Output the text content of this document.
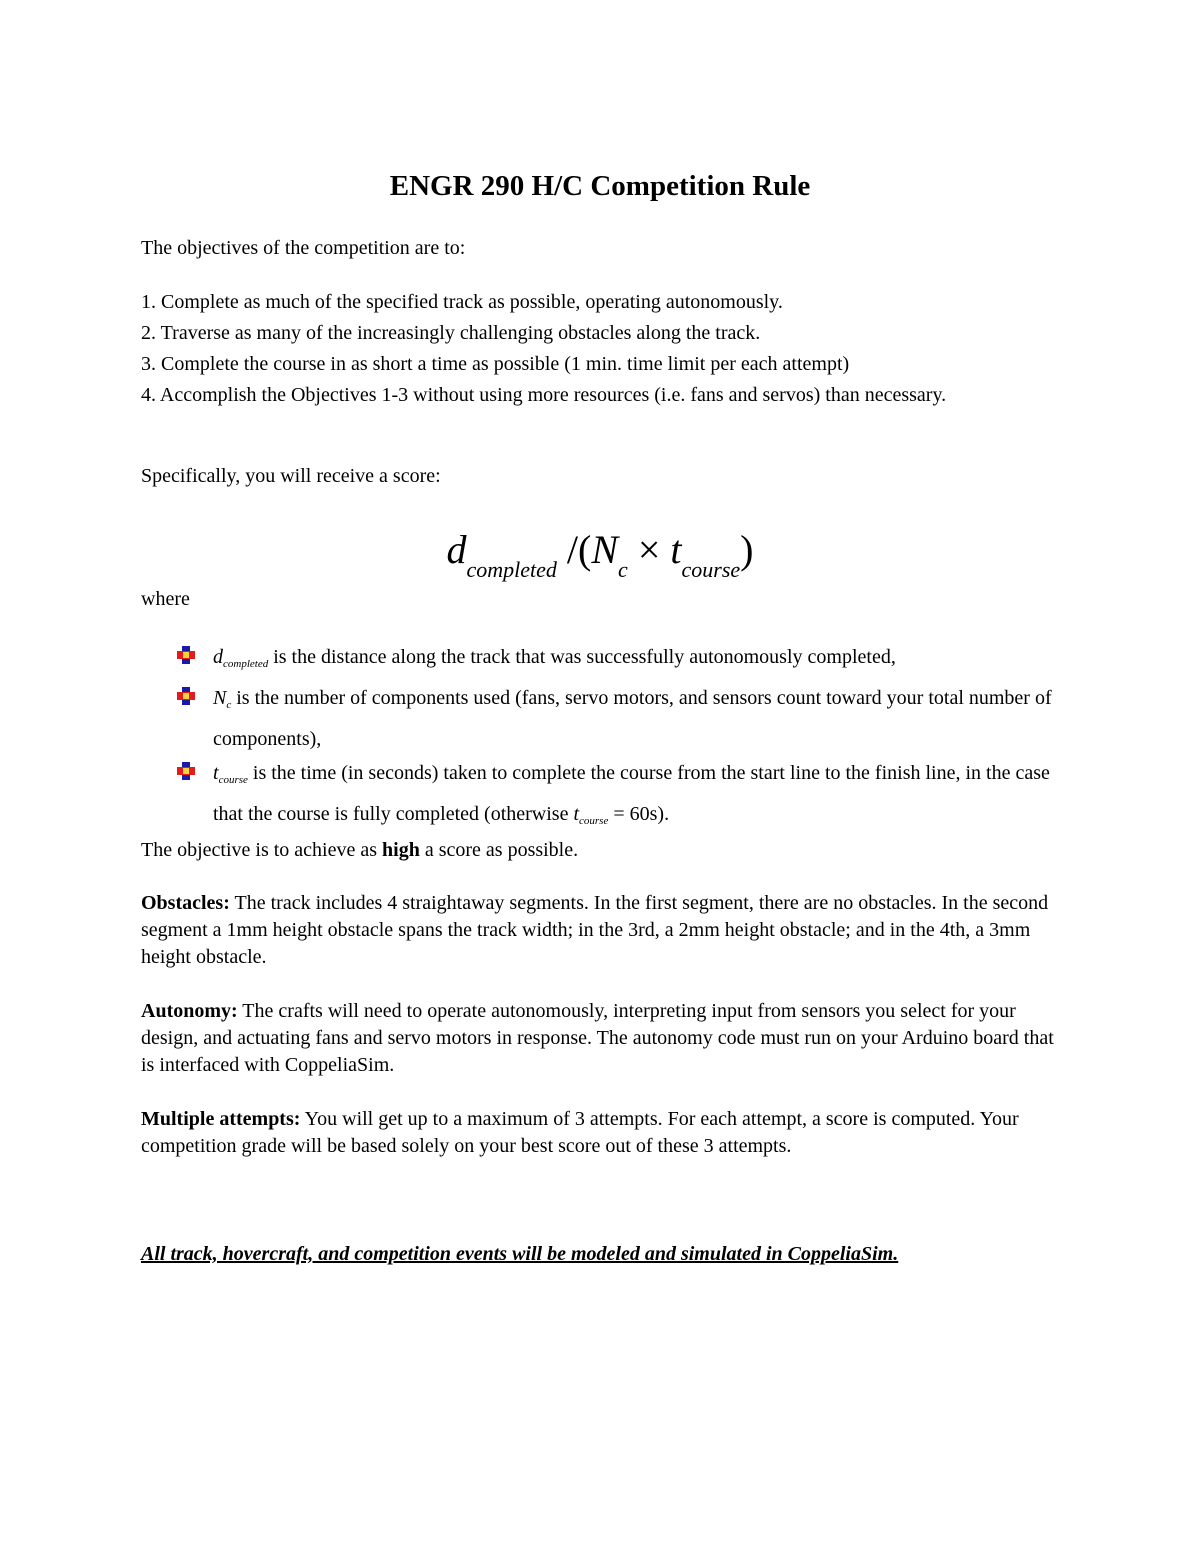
ENGR 290 H/C Competition Rule

The objectives of the competition are to:

1. Complete as much of the specified track as possible, operating autonomously.

2. Traverse as many of the increasingly challenging obstacles along the track.

3. Complete the course in as short a time as possible (1 min. time limit per each attempt)

4. Accomplish the Objectives 1-3 without using more resources (i.e. fans and servos) than necessary.

Specifically, you will receive a score:

$d_{completed}$ $/(N_c \times t_{course})$

where

$d_{completed}$ is the distance along the track that was successfully autonomously completed,
$N_c$ is the number of components used (fans, servo motors, and sensors count toward your total number of components),
$t_{course}$ is the time (in seconds) taken to complete the course from the start line to the finish line, in the case that the course is fully completed (otherwise $t_{course} = 60s$).

The objective is to achieve as high a score as possible.

Obstacles: The track includes 4 straightaway segments. In the first segment, there are no obstacles. In the second segment a 1mm height obstacle spans the track width; in the 3rd, a 2mm height obstacle; and in the 4th, a 3mm height obstacle.

Autonomy: The crafts will need to operate autonomously, interpreting input from sensors you select for your design, and actuating fans and servo motors in response. The autonomy code must run on your Arduino board that is interfaced with CoppeliaSim.

Multiple attempts: You will get up to a maximum of 3 attempts. For each attempt, a score is computed. Your competition grade will be based solely on your best score out of these 3 attempts.

All track, hovercraft, and competition events will be modeled and simulated in CoppeliaSim.
